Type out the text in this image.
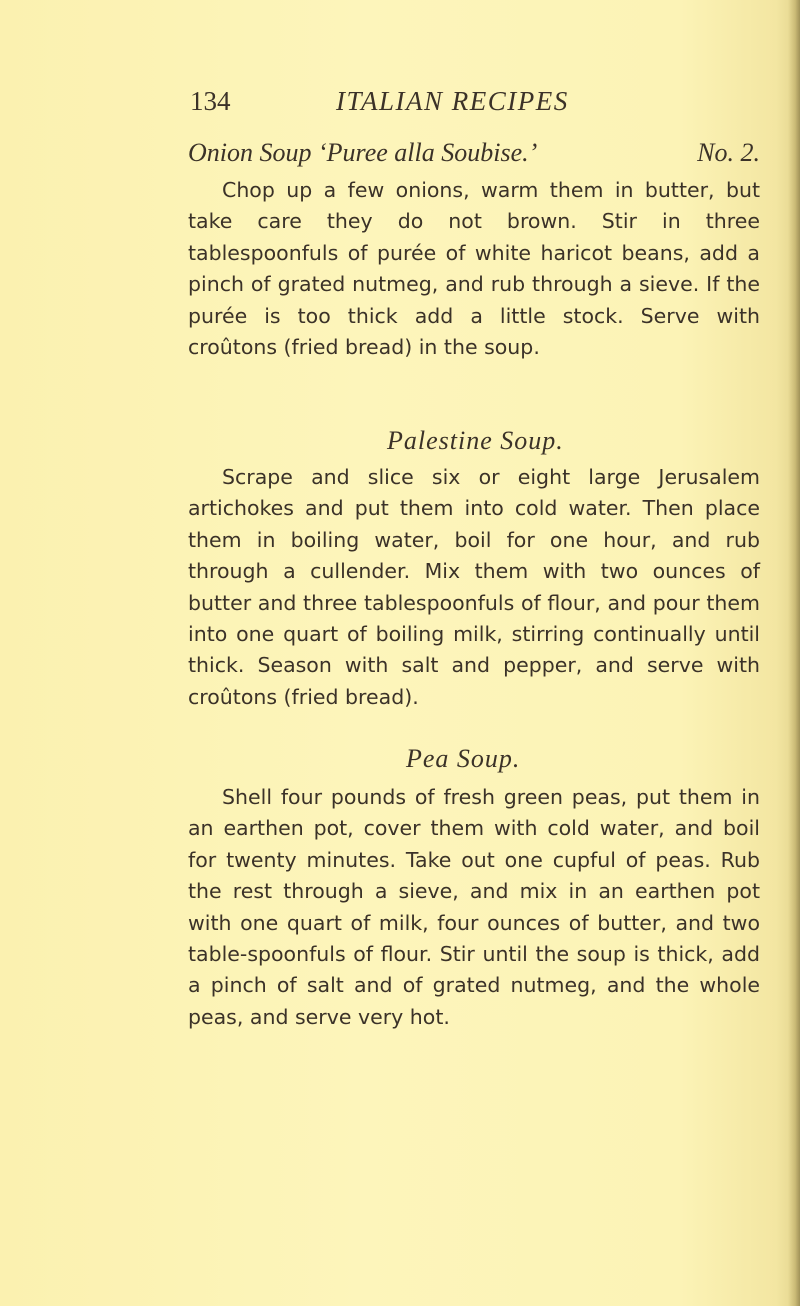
134	ITALIAN RECIPES
Onion Soup ‘Puree alla Soubise.’	No. 2.
Chop up a few onions, warm them in butter, but take care they do not brown. Stir in three tablespoonfuls of purée of white haricot beans, add a pinch of grated nutmeg, and rub through a sieve. If the purée is too thick add a little stock. Serve with croûtons (fried bread) in the soup.
Palestine Soup.
Scrape and slice six or eight large Jerusalem artichokes and put them into cold water. Then place them in boiling water, boil for one hour, and rub through a cullender. Mix them with two ounces of butter and three tablespoonfuls of flour, and pour them into one quart of boiling milk, stirring continually until thick. Season with salt and pepper, and serve with croûtons (fried bread).
Pea Soup.
Shell four pounds of fresh green peas, put them in an earthen pot, cover them with cold water, and boil for twenty minutes. Take out one cupful of peas. Rub the rest through a sieve, and mix in an earthen pot with one quart of milk, four ounces of butter, and two table-spoonfuls of flour. Stir until the soup is thick, add a pinch of salt and of grated nutmeg, and the whole peas, and serve very hot.
